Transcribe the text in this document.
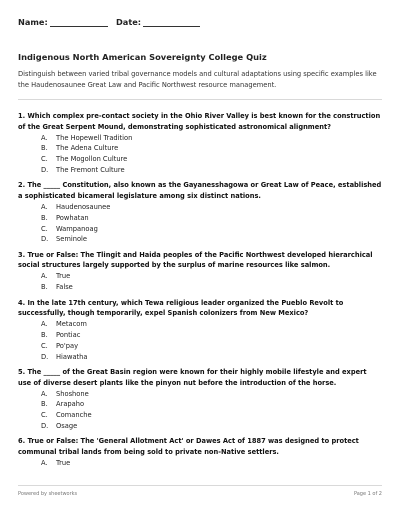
Name:	Date:
Indigenous North American Sovereignty College Quiz
Distinguish between varied tribal governance models and cultural adaptations using specific examples like the Haudenosaunee Great Law and Pacific Northwest resource management.
1. Which complex pre-contact society in the Ohio River Valley is best known for the construction of the Great Serpent Mound, demonstrating sophisticated astronomical alignment?
A. The Hopewell Tradition
B. The Adena Culture
C. The Mogollon Culture
D. The Fremont Culture
2. The _____ Constitution, also known as the Gayanesshagowa or Great Law of Peace, established a sophisticated bicameral legislature among six distinct nations.
A. Haudenosaunee
B. Powhatan
C. Wampanoag
D. Seminole
3. True or False: The Tlingit and Haida peoples of the Pacific Northwest developed hierarchical social structures largely supported by the surplus of marine resources like salmon.
A. True
B. False
4. In the late 17th century, which Tewa religious leader organized the Pueblo Revolt to successfully, though temporarily, expel Spanish colonizers from New Mexico?
A. Metacom
B. Pontiac
C. Po'pay
D. Hiawatha
5. The _____ of the Great Basin region were known for their highly mobile lifestyle and expert use of diverse desert plants like the pinyon nut before the introduction of the horse.
A. Shoshone
B. Arapaho
C. Comanche
D. Osage
6. True or False: The 'General Allotment Act' or Dawes Act of 1887 was designed to protect communal tribal lands from being sold to private non-Native settlers.
A. True
Powered by sheetworks	Page 1 of 2
